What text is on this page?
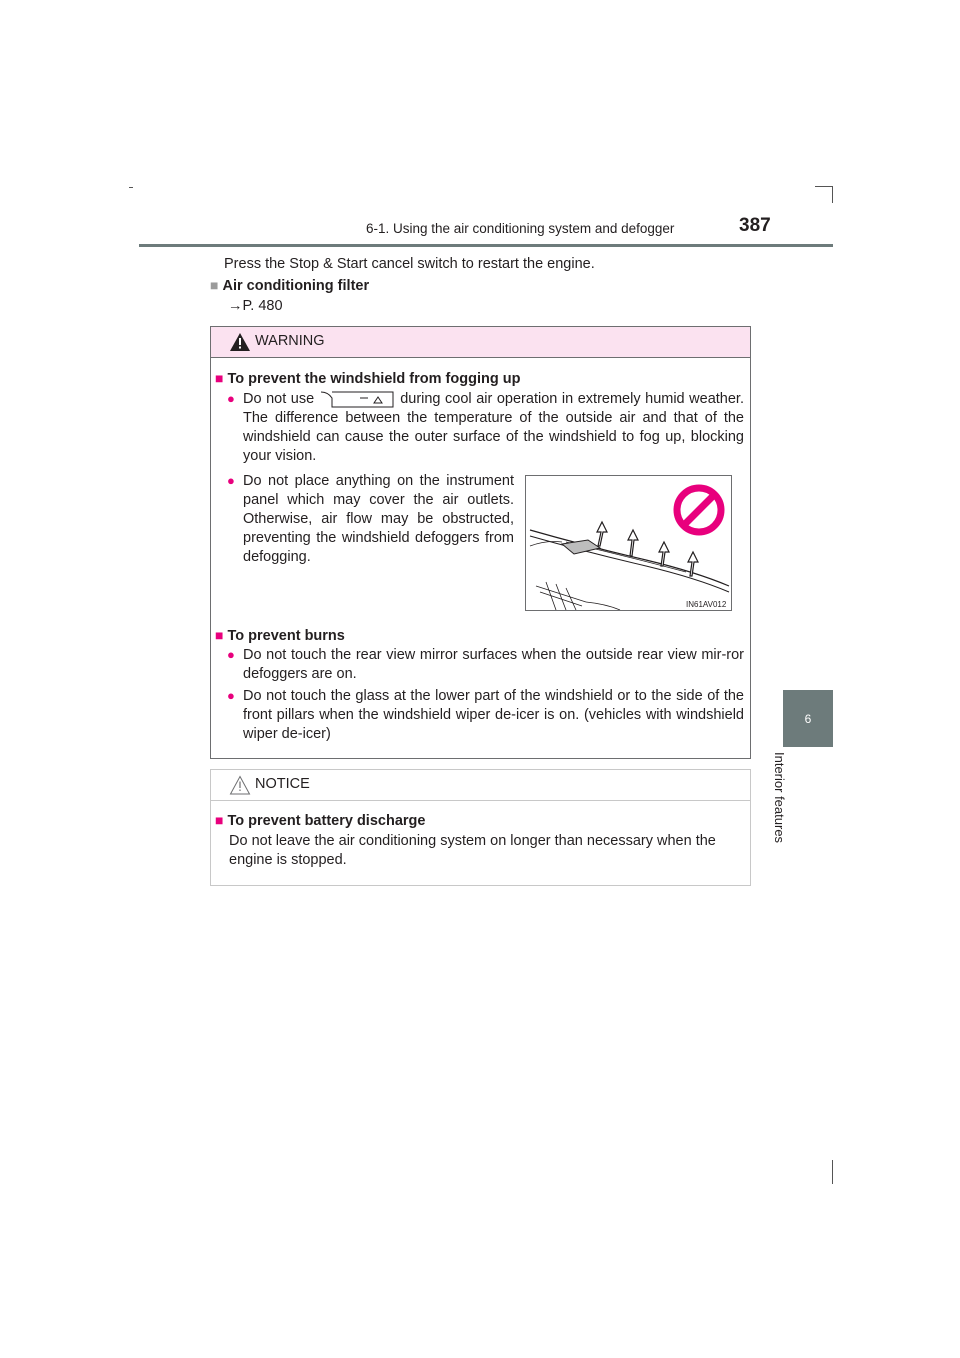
6-1. Using the air conditioning system and defogger	387
6
Interior features
Press the Stop & Start cancel switch to restart the engine.
■ Air conditioning filter
→P. 480
WARNING
■ To prevent the windshield from fogging up
● Do not use	during cool air operation in extremely humid weather. The difference between the temperature of the outside air and that of the windshield can cause the outer surface of the windshield to fog up, blocking your vision.
● Do not place anything on the instrument panel which may cover the air outlets. Otherwise, air flow may be obstructed, preventing the windshield defoggers from defogging.
■ To prevent burns
● Do not touch the rear view mirror surfaces when the outside rear view mir-ror defoggers are on.
● Do not touch the glass at the lower part of the windshield or to the side of the front pillars when the windshield wiper de-icer is on. (vehicles with windshield wiper de-icer)
IN61AV012
NOTICE
■ To prevent battery discharge
Do not leave the air conditioning system on longer than necessary when the engine is stopped.
